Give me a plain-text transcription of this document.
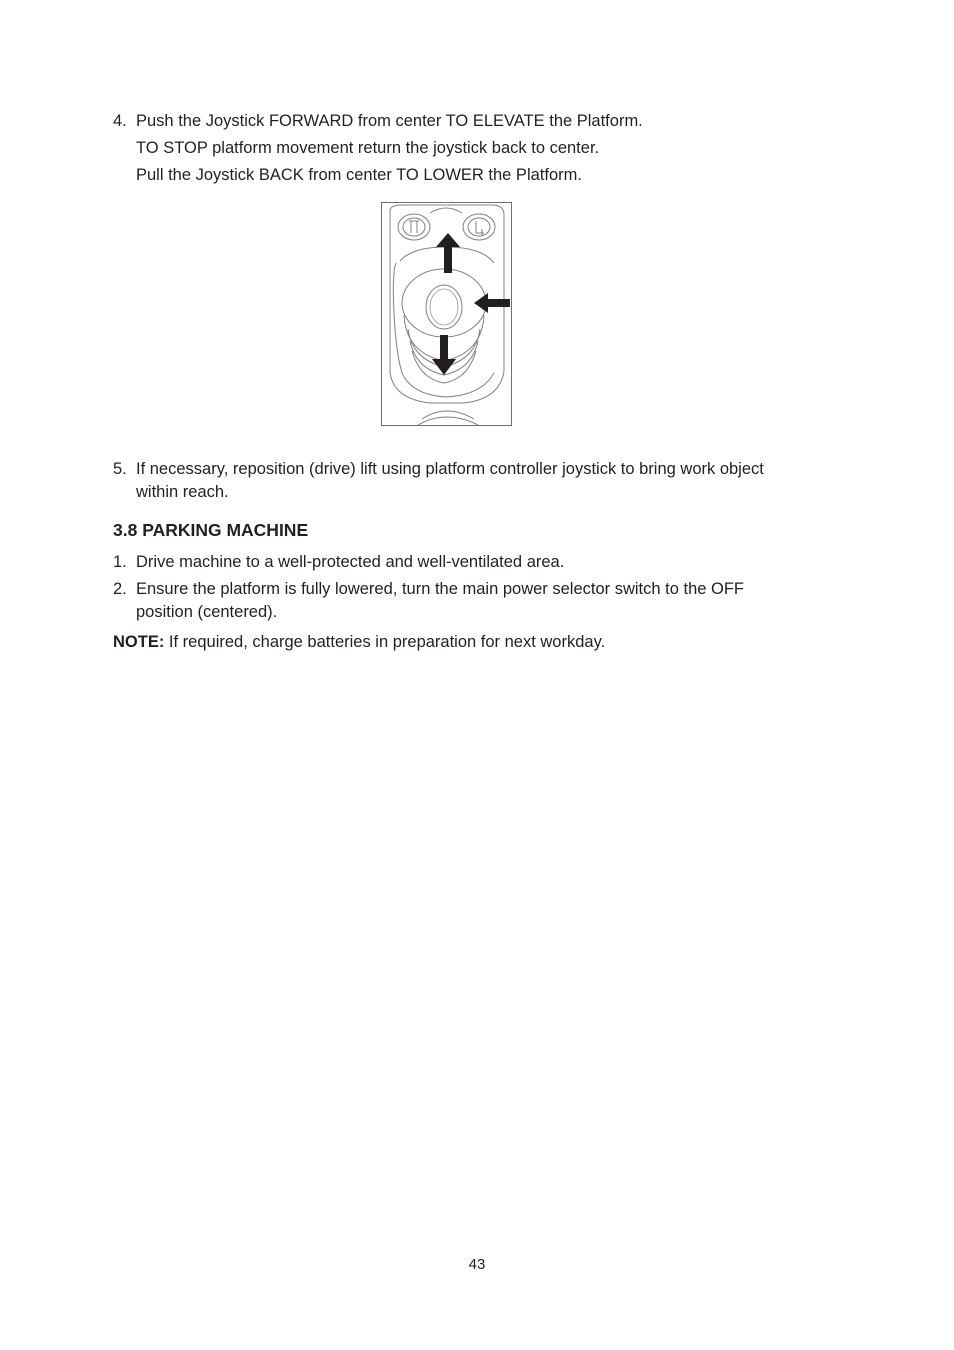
4. Push the Joystick FORWARD from center TO ELEVATE the Platform.
TO STOP platform movement return the joystick back to center.
Pull the Joystick BACK from center TO LOWER the Platform.
5. If necessary, reposition (drive) lift using platform controller joystick to bring work object
within reach.
3.8 PARKING MACHINE
1. Drive machine to a well-protected and well-ventilated area.
2. Ensure the platform is fully lowered, turn the main power selector switch to the OFF
position (centered).
NOTE: If required, charge batteries in preparation for next workday.
43
